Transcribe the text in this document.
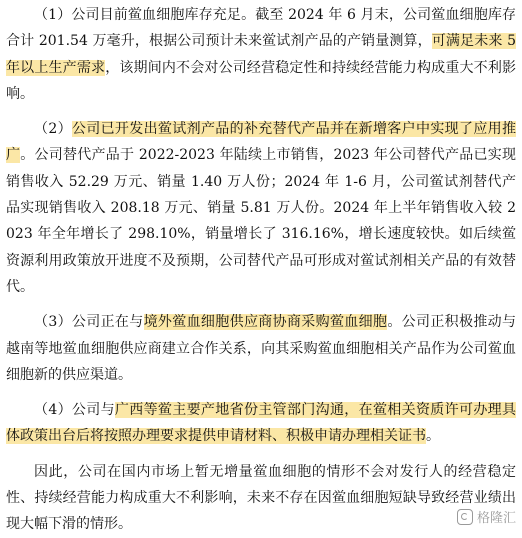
（1）公司目前鲎血细胞库存充足。截至 2024 年 6 月末，公司鲎血细胞库存合计 201.54 万毫升，根据公司预计未来鲎试剂产品的产销量测算，可满足未来 5 年以上生产需求，该期间内不会对公司经营稳定性和持续经营能力构成重大不利影响。

（2）公司已开发出鲎试剂产品的补充替代产品并在新增客户中实现了应用推广。公司替代产品于 2022-2023 年陆续上市销售，2023 年公司替代产品已实现销售收入 52.29 万元、销量 1.40 万人份；2024 年 1-6 月，公司鲎试剂替代产品实现销售收入 208.18 万元、销量 5.81 万人份。2024 年上半年销售收入较 2023 年全年增长了 298.10%，销量增长了 316.16%，增长速度较快。如后续鲎资源利用政策放开进度不及预期，公司替代产品可形成对鲎试剂相关产品的有效替代。

（3）公司正在与境外鲎血细胞供应商协商采购鲎血细胞。公司正积极推动与越南等地鲎血细胞供应商建立合作关系，向其采购鲎血细胞相关产品作为公司鲎血细胞新的供应渠道。

（4）公司与广西等鲎主要产地省份主管部门沟通，在鲎相关资质许可办理具体政策出台后将按照办理要求提供申请材料、积极申请办理相关证书。

因此，公司在国内市场上暂无增量鲎血细胞的情形不会对发行人的经营稳定性、持续经营能力构成重大不利影响，未来不存在因鲎血细胞短缺导致经营业绩出现大幅下滑的情形。	格隆汇
